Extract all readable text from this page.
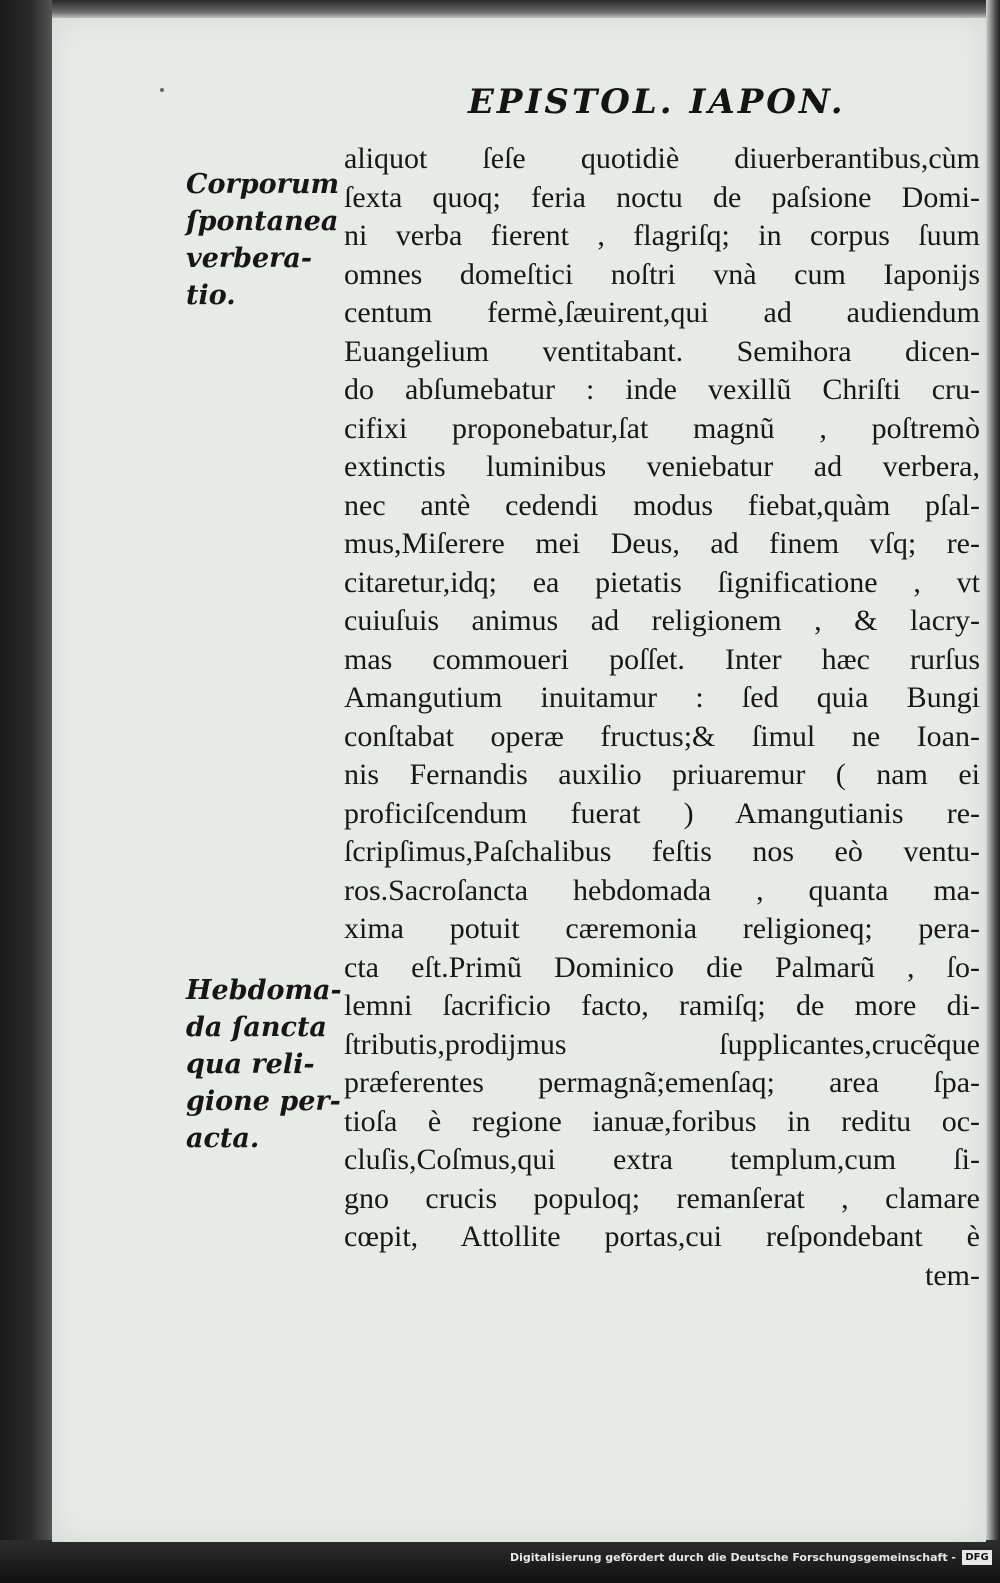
EPISTOL. IAPON.
Corporum
ſpontanea
verbera-
tio.
Hebdoma-
da ſancta
qua reli-
gione per-
acta.
aliquot ſeſe quotidiè diuerberantibus,cùm
ſexta quoq; feria noctu de paſsione Domi-
ni verba fierent , flagriſq; in corpus ſuum
omnes domeſtici noſtri vnà cum Iaponijs
centum fermè,ſæuirent,qui ad audiendum
Euangelium ventitabant. Semihora dicen-
do abſumebatur : inde vexillũ Chriſti cru-
cifixi proponebatur,ſat magnũ , poſtremò
extinctis luminibus veniebatur ad verbera,
nec antè cedendi modus fiebat,quàm pſal-
mus,Miſerere mei Deus, ad finem vſq; re-
citaretur,idq; ea pietatis ſignificatione , vt
cuiuſuis animus ad religionem , & lacry-
mas commoueri poſſet. Inter hæc rurſus
Amangutium inuitamur : ſed quia Bungi
conſtabat operæ fructus;& ſimul ne Ioan-
nis Fernandis auxilio priuaremur ( nam ei
proficiſcendum fuerat ) Amangutianis re-
ſcripſimus,Paſchalibus feſtis nos eò ventu-
ros.Sacroſancta hebdomada , quanta ma-
xima potuit cæremonia religioneq; pera-
cta eſt.Primũ Dominico die Palmarũ , ſo-
lemni ſacrificio facto, ramiſq; de more di-
ſtributis,prodijmus ſupplicantes,crucẽque
præferentes permagnã;emenſaq; area ſpa-
tioſa è regione ianuæ,foribus in reditu oc-
cluſis,Coſmus,qui extra templum,cum ſi-
gno crucis populoq; remanſerat , clamare
cœpit, Attollite portas,cui reſpondebant è
tem-
Digitalisierung gefördert durch die Deutsche Forschungsgemeinschaft - DFG
